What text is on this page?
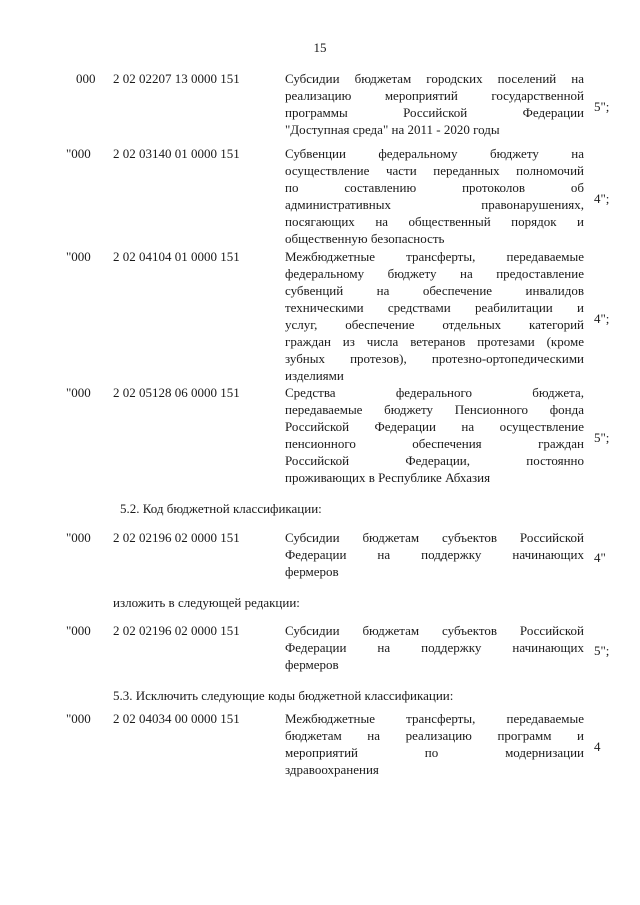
15
000 2 02 02207 13 0000 151	Субсидии бюджетам городских поселений на
реализацию мероприятий государственной
программы Российской Федерации
"Доступная среда" на 2011 - 2020 годы
5";
"000 2 02 03140 01 0000 151	Субвенции федеральному бюджету на
осуществление части переданных полномочий
по составлению протоколов об
административных правонарушениях,
посягающих на общественный порядок и
общественную безопасность
4";
"000 2 02 04104 01 0000 151	Межбюджетные трансферты, передаваемые
федеральному бюджету на предоставление
субвенций на обеспечение инвалидов
техническими средствами реабилитации и
услуг, обеспечение отдельных категорий
граждан из числа ветеранов протезами (кроме
зубных протезов), протезно-ортопедическими
изделиями
4";
"000 2 02 05128 06 0000 151	Средства федерального бюджета,
передаваемые бюджету Пенсионного фонда
Российской Федерации на осуществление
пенсионного обеспечения граждан
Российской Федерации, постоянно
проживающих в Республике Абхазия
5";
"000 2 02 02196 02 0000 151	Субсидии бюджетам субъектов Российской
Федерации на поддержку начинающих
фермеров
4"
"000 2 02 02196 02 0000 151	Субсидии бюджетам субъектов Российской
Федерации на поддержку начинающих
фермеров
5";
"000 2 02 04034 00 0000 151	Межбюджетные трансферты, передаваемые
бюджетам на реализацию программ и
мероприятий по модернизации
здравоохранения
4
5.2. Код бюджетной классификации:
изложить в следующей редакции:
5.3. Исключить следующие коды бюджетной классификации:
